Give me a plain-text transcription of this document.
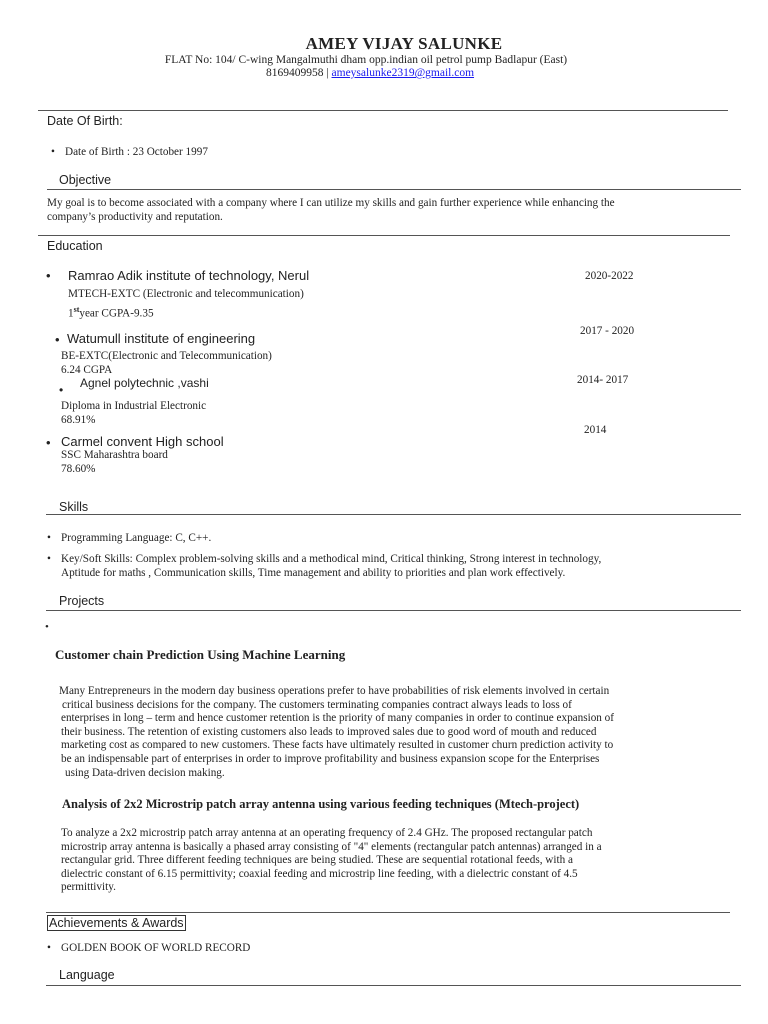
AMEY VIJAY SALUNKE
FLAT No: 104/ C-wing Mangalmuthi dham opp.indian oil petrol pump Badlapur (East)
8169409958 | ameysalunke2319@gmail.com
Date Of Birth:
• Date of Birth : 23 October 1997
Objective
My goal is to become associated with a company where I can utilize my skills and gain further experience while enhancing the
company’s productivity and reputation.
Education
• Ramrao Adik institute of technology, Nerul
MTECH-EXTC (Electronic and telecommunication)
1styear CGPA-9.35
2020-2022
• Watumull institute of engineering
BE-EXTC(Electronic and Telecommunication)
6.24 CGPA
2017 - 2020
Agnel polytechnic ,vashi
•
Diploma in Industrial Electronic
68.91%
2014- 2017
• Carmel convent High school
SSC Maharashtra board
78.60%
2014
Skills
• Programming Language: C, C++.
• Key/Soft Skills: Complex problem-solving skills and a methodical mind, Critical thinking, Strong interest in technology,
Aptitude for maths , Communication skills, Time management and ability to priorities and plan work effectively.
Projects
•
Customer chain Prediction Using Machine Learning
Many Entrepreneurs in the modern day business operations prefer to have probabilities of risk elements involved in certain
critical business decisions for the company. The customers terminating companies contract always leads to loss of
enterprises in long – term and hence customer retention is the priority of many companies in order to continue expansion of
their business. The retention of existing customers also leads to improved sales due to good word of mouth and reduced
marketing cost as compared to new customers. These facts have ultimately resulted in customer churn prediction activity to
be an indispensable part of enterprises in order to improve profitability and business expansion scope for the Enterprises
using Data-driven decision making.
Analysis of 2x2 Microstrip patch array antenna using various feeding techniques (Mtech-project)
To analyze a 2x2 microstrip patch array antenna at an operating frequency of 2.4 GHz. The proposed rectangular patch
microstrip array antenna is basically a phased array consisting of "4" elements (rectangular patch antennas) arranged in a
rectangular grid. Three different feeding techniques are being studied. These are sequential rotational feeds, with a
dielectric constant of 6.15 permittivity; coaxial feeding and microstrip line feeding, with a dielectric constant of 4.5
permittivity.
Achievements & Awards
• GOLDEN BOOK OF WORLD RECORD
Language
